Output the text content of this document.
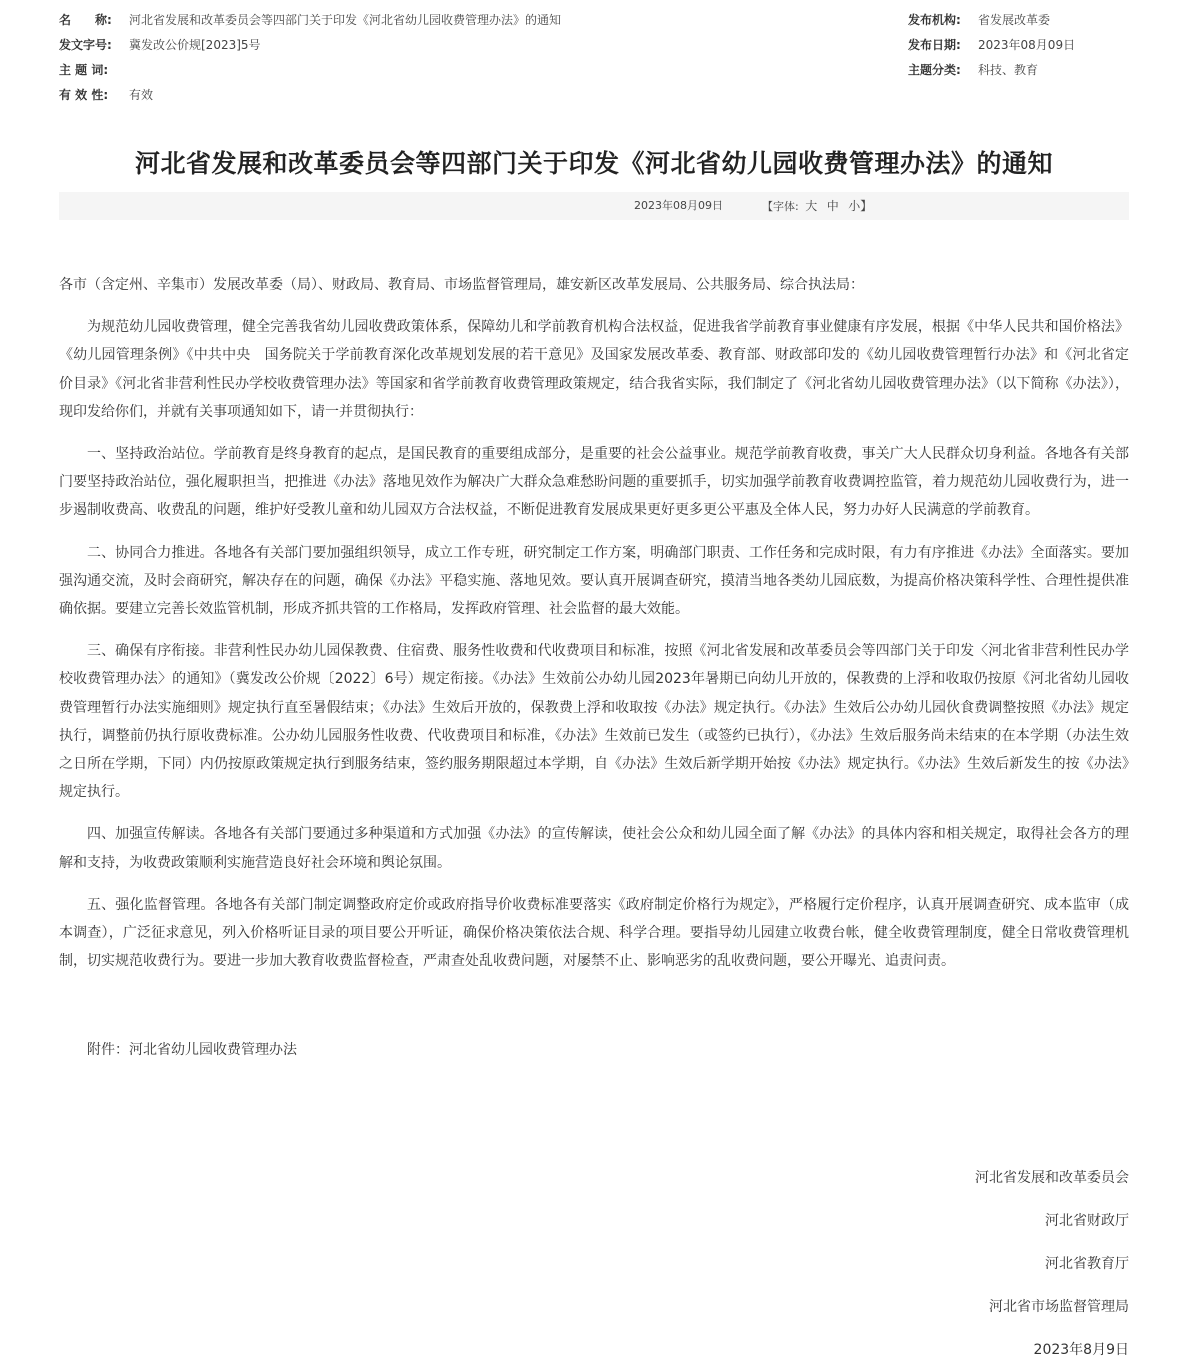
名　　称:	河北省发展和改革委员会等四部门关于印发《河北省幼儿园收费管理办法》的通知
发文字号:	冀发改公价规[2023]5号
主 题 词:
有 效 性:	有效
发布机构:	省发展改革委
发布日期:	2023年08月09日
主题分类:	科技、教育
河北省发展和改革委员会等四部门关于印发《河北省幼儿园收费管理办法》的通知
2023年08月09日	【字体: 大 中 小】

各市（含定州、辛集市）发展改革委（局）、财政局、教育局、市场监督管理局，雄安新区改革发展局、公共服务局、综合执法局：

为规范幼儿园收费管理，健全完善我省幼儿园收费政策体系，保障幼儿和学前教育机构合法权益，促进我省学前教育事业健康有序发展，根据《中华人民共和国价格法》《幼儿园管理条例》《中共中央　国务院关于学前教育深化改革规划发展的若干意见》及国家发展改革委、教育部、财政部印发的《幼儿园收费管理暂行办法》和《河北省定价目录》《河北省非营利性民办学校收费管理办法》等国家和省学前教育收费管理政策规定，结合我省实际，我们制定了《河北省幼儿园收费管理办法》（以下简称《办法》），现印发给你们，并就有关事项通知如下，请一并贯彻执行：

一、坚持政治站位。学前教育是终身教育的起点，是国民教育的重要组成部分，是重要的社会公益事业。规范学前教育收费，事关广大人民群众切身利益。各地各有关部门要坚持政治站位，强化履职担当，把推进《办法》落地见效作为解决广大群众急难愁盼问题的重要抓手，切实加强学前教育收费调控监管，着力规范幼儿园收费行为，进一步遏制收费高、收费乱的问题，维护好受教儿童和幼儿园双方合法权益，不断促进教育发展成果更好更多更公平惠及全体人民，努力办好人民满意的学前教育。

二、协同合力推进。各地各有关部门要加强组织领导，成立工作专班，研究制定工作方案，明确部门职责、工作任务和完成时限，有力有序推进《办法》全面落实。要加强沟通交流，及时会商研究，解决存在的问题，确保《办法》平稳实施、落地见效。要认真开展调查研究，摸清当地各类幼儿园底数，为提高价格决策科学性、合理性提供准确依据。要建立完善长效监管机制，形成齐抓共管的工作格局，发挥政府管理、社会监督的最大效能。

三、确保有序衔接。非营利性民办幼儿园保教费、住宿费、服务性收费和代收费项目和标准，按照《河北省发展和改革委员会等四部门关于印发〈河北省非营利性民办学校收费管理办法〉的通知》（冀发改公价规〔2022〕6号）规定衔接。《办法》生效前公办幼儿园2023年暑期已向幼儿开放的，保教费的上浮和收取仍按原《河北省幼儿园收费管理暂行办法实施细则》规定执行直至暑假结束；《办法》生效后开放的，保教费上浮和收取按《办法》规定执行。《办法》生效后公办幼儿园伙食费调整按照《办法》规定执行，调整前仍执行原收费标准。公办幼儿园服务性收费、代收费项目和标准，《办法》生效前已发生（或签约已执行），《办法》生效后服务尚未结束的在本学期（办法生效之日所在学期，下同）内仍按原政策规定执行到服务结束，签约服务期限超过本学期，自《办法》生效后新学期开始按《办法》规定执行。《办法》生效后新发生的按《办法》规定执行。

四、加强宣传解读。各地各有关部门要通过多种渠道和方式加强《办法》的宣传解读，使社会公众和幼儿园全面了解《办法》的具体内容和相关规定，取得社会各方的理解和支持，为收费政策顺利实施营造良好社会环境和舆论氛围。

五、强化监督管理。各地各有关部门制定调整政府定价或政府指导价收费标准要落实《政府制定价格行为规定》，严格履行定价程序，认真开展调查研究、成本监审（成本调查），广泛征求意见，列入价格听证目录的项目要公开听证，确保价格决策依法合规、科学合理。要指导幼儿园建立收费台帐，健全收费管理制度，健全日常收费管理机制，切实规范收费行为。要进一步加大教育收费监督检查，严肃查处乱收费问题，对屡禁不止、影响恶劣的乱收费问题，要公开曝光、追责问责。

附件：河北省幼儿园收费管理办法
河北省发展和改革委员会
河北省财政厅
河北省教育厅
河北省市场监督管理局
2023年8月9日
